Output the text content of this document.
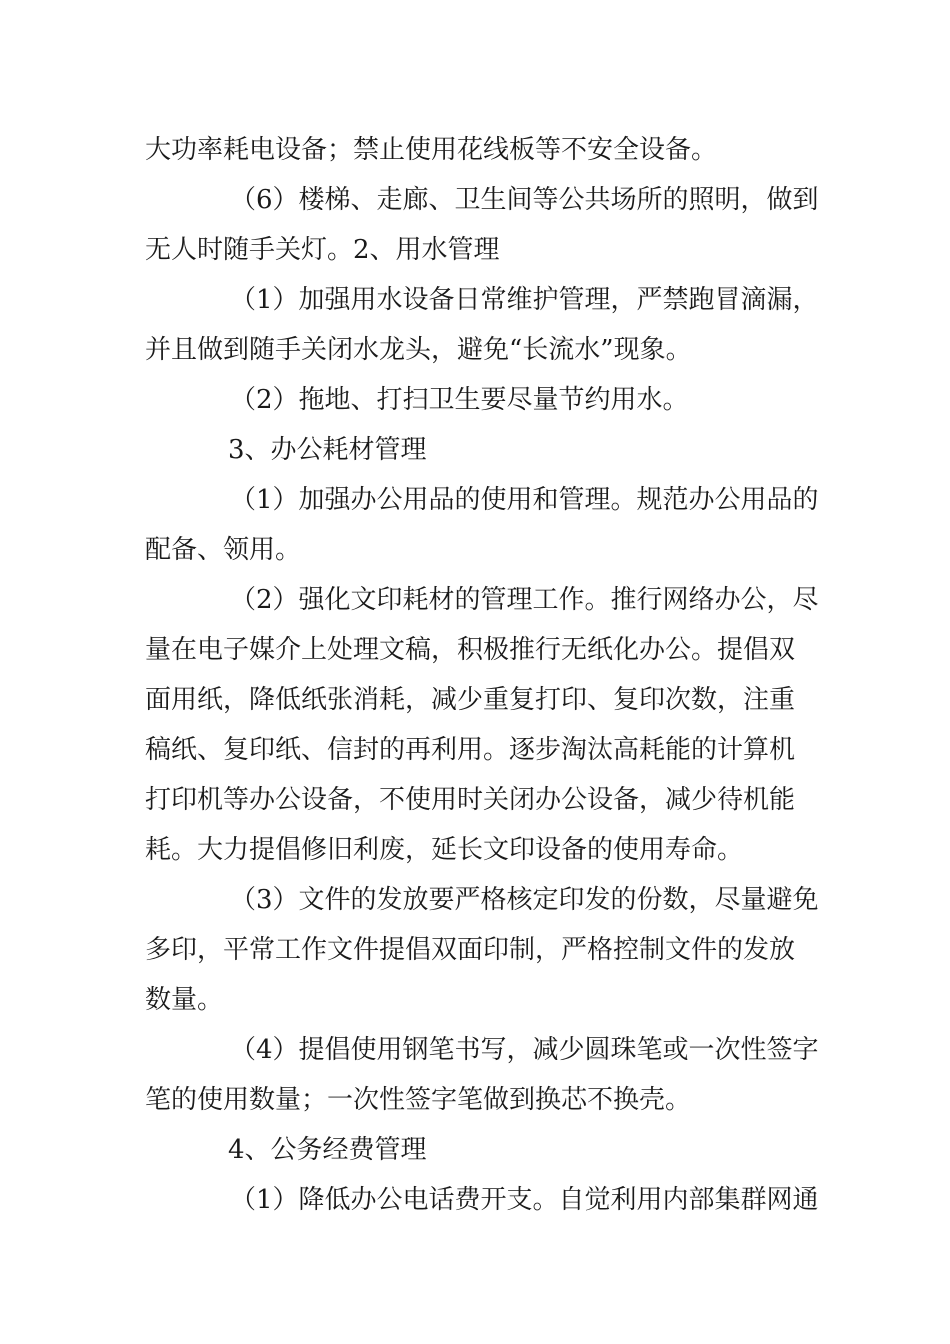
大功率耗电设备；禁止使用花线板等不安全设备。
（6）楼梯、走廊、卫生间等公共场所的照明，做到
无人时随手关灯。2、用水管理
（1）加强用水设备日常维护管理，严禁跑冒滴漏，
并且做到随手关闭水龙头，避免“长流水”现象。
（2）拖地、打扫卫生要尽量节约用水。
3、办公耗材管理
（1）加强办公用品的使用和管理。规范办公用品的
配备、领用。
（2）强化文印耗材的管理工作。推行网络办公，尽
量在电子媒介上处理文稿，积极推行无纸化办公。提倡双
面用纸，降低纸张消耗，减少重复打印、复印次数，注重
稿纸、复印纸、信封的再利用。逐步淘汰高耗能的计算机
打印机等办公设备，不使用时关闭办公设备，减少待机能
耗。大力提倡修旧利废，延长文印设备的使用寿命。
（3）文件的发放要严格核定印发的份数，尽量避免
多印，平常工作文件提倡双面印制，严格控制文件的发放
数量。
（4）提倡使用钢笔书写，减少圆珠笔或一次性签字
笔的使用数量；一次性签字笔做到换芯不换壳。
4、公务经费管理
（1）降低办公电话费开支。自觉利用内部集群网通
